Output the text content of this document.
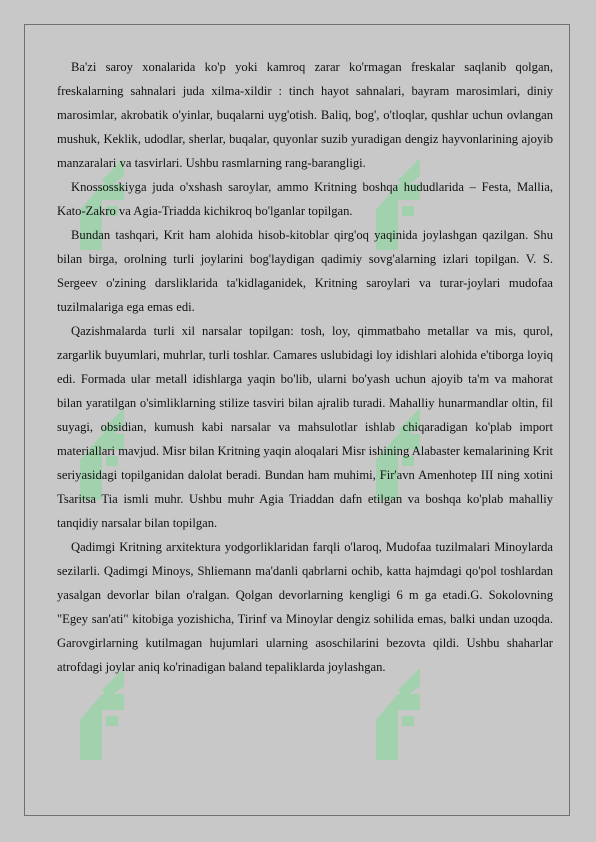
Ba'zi saroy xonalarida ko'p yoki kamroq zarar ko'rmagan freskalar saqlanib qolgan, freskalarning sahnalari juda xilma-xildir : tinch hayot sahnalari, bayram marosimlari, diniy marosimlar, akrobatik o'yinlar, buqalarni uyg'otish. Baliq, bog', o'tloqlar, qushlar uchun ovlangan mushuk, Keklik, udodlar, sherlar, buqalar, quyonlar suzib yuradigan dengiz hayvonlarining ajoyib manzaralari va tasvirlari. Ushbu rasmlarning rang-barangligi.

Knossosskiyga juda o'xshash saroylar, ammo Kritning boshqa hududlarida – Festa, Mallia, Kato-Zakro va Agia-Triadda kichikroq bo'lganlar topilgan.

Bundan tashqari, Krit ham alohida hisob-kitoblar qirg'oq yaqinida joylashgan qazilgan. Shu bilan birga, orolning turli joylarini bog'laydigan qadimiy sovg'alarning izlari topilgan. V. S. Sergeev o'zining darsliklarida ta'kidlaganidek, Kritning saroylari va turar-joylari mudofaa tuzilmalariga ega emas edi.

Qazishmalarda turli xil narsalar topilgan: tosh, loy, qimmatbaho metallar va mis, qurol, zargarlik buyumlari, muhrlar, turli toshlar. Camares uslubidagi loy idishlari alohida e'tiborga loyiq edi. Formada ular metall idishlarga yaqin bo'lib, ularni bo'yash uchun ajoyib ta'm va mahorat bilan yaratilgan o'simliklarning stilize tasviri bilan ajralib turadi. Mahalliy hunarmandlar oltin, fil suyagi, obsidian, kumush kabi narsalar va mahsulotlar ishlab chiqaradigan ko'plab import materiallari mavjud. Misr bilan Kritning yaqin aloqalari Misr ishining Alabaster kemalarining Krit seriyasidagi topilganidan dalolat beradi. Bundan ham muhimi, Fir'avn Amenhotep III ning xotini Tsaritsa Tia ismli muhr. Ushbu muhr Agia Triaddan dafn etilgan va boshqa ko'plab mahalliy tanqidiy narsalar bilan topilgan.

Qadimgi Kritning arxitektura yodgorliklaridan farqli o'laroq, Mudofaa tuzilmalari Minoylarda sezilarli. Qadimgi Minoys, Shliemann ma'danli qabrlarni ochib, katta hajmdagi qo'pol toshlardan yasalgan devorlar bilan o'ralgan. Qolgan devorlarning kengligi 6 m ga etadi.G. Sokolovning "Egey san'ati" kitobiga yozishicha, Tirinf va Minoylar dengiz sohilida emas, balki undan uzoqda. Garovgirlarning kutilmagan hujumlari ularning asoschilarini bezovta qildi. Ushbu shaharlar atrofdagi joylar aniq ko'rinadigan baland tepaliklarda joylashgan.
